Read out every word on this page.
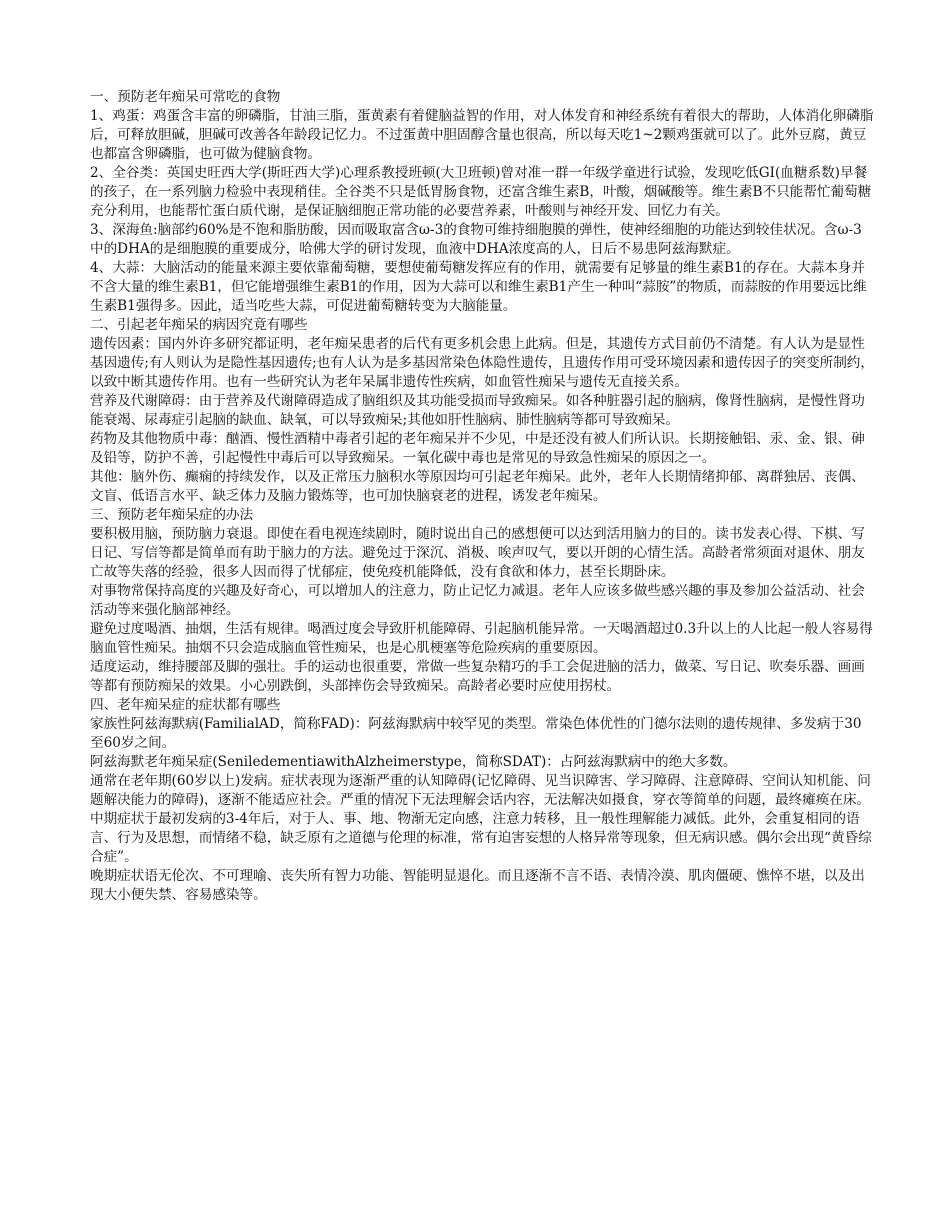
一、预防老年痴呆可常吃的食物

1、鸡蛋：鸡蛋含丰富的卵磷脂，甘油三脂，蛋黄素有着健脑益智的作用，对人体发育和神经系统有着很大的帮助，人体消化卵磷脂后，可释放胆碱，胆碱可改善各年龄段记忆力。不过蛋黄中胆固醇含量也很高，所以每天吃1~2颗鸡蛋就可以了。此外豆腐，黄豆也都富含卵磷脂，也可做为健脑食物。

2、全谷类：英国史旺西大学(斯旺西大学)心理系教授班顿(大卫班顿)曾对准一群一年级学童进行试验，发现吃低GI(血糖系数)早餐的孩子，在一系列脑力检验中表现稍佳。全谷类不只是低胃肠食物，还富含维生素B，叶酸，烟碱酸等。维生素B不只能帮忙葡萄糖充分利用，也能帮忙蛋白质代谢，是保证脑细胞正常功能的必要营养素，叶酸则与神经开发、回忆力有关。

3、深海鱼:脑部约60%是不饱和脂肪酸，因而吸取富含ω-3的食物可维持细胞膜的弹性，使神经细胞的功能达到较佳状况。含ω-3中的DHA的是细胞膜的重要成分，哈佛大学的研讨发现，血液中DHA浓度高的人，日后不易患阿兹海默症。

4、大蒜：大脑活动的能量来源主要依靠葡萄糖，要想使葡萄糖发挥应有的作用，就需要有足够量的维生素B1的存在。大蒜本身并不含大量的维生素B1，但它能增强维生素B1的作用，因为大蒜可以和维生素B1产生一种叫“蒜胺”的物质，而蒜胺的作用要远比维生素B1强得多。因此，适当吃些大蒜，可促进葡萄糖转变为大脑能量。

二、引起老年痴呆的病因究竟有哪些

遗传因素：国内外许多研究都证明，老年痴呆患者的后代有更多机会患上此病。但是，其遗传方式目前仍不清楚。有人认为是显性基因遗传;有人则认为是隐性基因遗传;也有人认为是多基因常染色体隐性遗传，且遗传作用可受环境因素和遗传因子的突变所制约，以致中断其遗传作用。也有一些研究认为老年呆属非遗传性疾病，如血管性痴呆与遗传无直接关系。

营养及代谢障碍：由于营养及代谢障碍造成了脑组织及其功能受损而导致痴呆。如各种脏器引起的脑病，像肾性脑病，是慢性肾功能衰竭、尿毒症引起脑的缺血、缺氧，可以导致痴呆;其他如肝性脑病、肺性脑病等都可导致痴呆。

药物及其他物质中毒：酗酒、慢性酒精中毒者引起的老年痴呆并不少见，中是还没有被人们所认识。长期接触铝、汞、金、银、砷及铅等，防护不善，引起慢性中毒后可以导致痴呆。一氧化碳中毒也是常见的导致急性痴呆的原因之一。

其他：脑外伤、癫痫的持续发作，以及正常压力脑积水等原因均可引起老年痴呆。此外，老年人长期情绪抑郁、离群独居、丧偶、文盲、低语言水平、缺乏体力及脑力锻炼等，也可加快脑衰老的进程，诱发老年痴呆。

三、预防老年痴呆症的办法

要积极用脑，预防脑力衰退。即使在看电视连续剧时，随时说出自己的感想便可以达到活用脑力的目的。读书发表心得、下棋、写日记、写信等都是简单而有助于脑力的方法。避免过于深沉、消极、唉声叹气，要以开朗的心情生活。高龄者常须面对退休、朋友亡故等失落的经验，很多人因而得了忧郁症，使免疫机能降低，没有食欲和体力，甚至长期卧床。

对事物常保持高度的兴趣及好奇心，可以增加人的注意力，防止记忆力减退。老年人应该多做些感兴趣的事及参加公益活动、社会活动等来强化脑部神经。

避免过度喝酒、抽烟，生活有规律。喝酒过度会导致肝机能障碍、引起脑机能异常。一天喝酒超过0.3升以上的人比起一般人容易得脑血管性痴呆。抽烟不只会造成脑血管性痴呆，也是心肌梗塞等危险疾病的重要原因。

适度运动，维持腰部及脚的强壮。手的运动也很重要，常做一些复杂精巧的手工会促进脑的活力，做菜、写日记、吹奏乐器、画画等都有预防痴呆的效果。小心别跌倒，头部摔伤会导致痴呆。高龄者必要时应使用拐杖。

四、老年痴呆症的症状都有哪些

家族性阿兹海默病(FamilialAD，简称FAD)：阿兹海默病中较罕见的类型。常染色体优性的门德尔法则的遗传规律、多发病于30至60岁之间。

阿兹海默老年痴呆症(SeniledementiawithAlzheimerstype，简称SDAT)：占阿兹海默病中的绝大多数。

通常在老年期(60岁以上)发病。症状表现为逐渐严重的认知障碍(记忆障碍、见当识障害、学习障碍、注意障碍、空间认知机能、问题解决能力的障碍)，逐渐不能适应社会。严重的情况下无法理解会话内容，无法解决如摄食，穿衣等简单的问题，最终瘫痪在床。

中期症状于最初发病的3-4年后，对于人、事、地、物渐无定向感，注意力转移，且一般性理解能力减低。此外，会重复相同的语言、行为及思想，而情绪不稳，缺乏原有之道德与伦理的标准，常有迫害妄想的人格异常等现象，但无病识感。偶尔会出现“黄昏综合症”。

晚期症状语无伦次、不可理喻、丧失所有智力功能、智能明显退化。而且逐渐不言不语、表情冷漠、肌肉僵硬、憔悴不堪，以及出现大小便失禁、容易感染等。
